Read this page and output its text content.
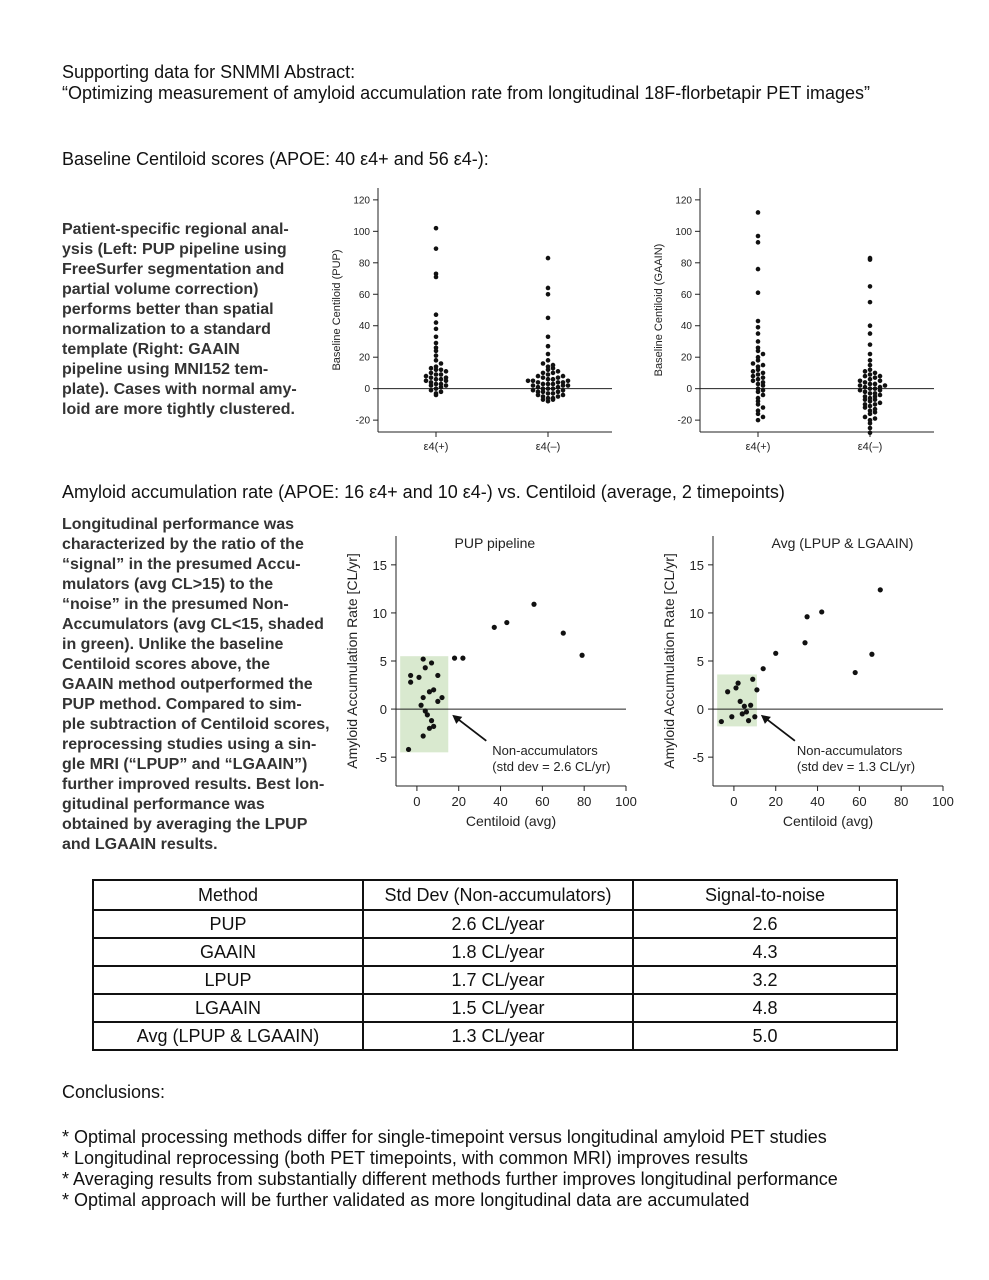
Supporting data for SNMMI Abstract:
“Optimizing measurement of amyloid accumulation rate from longitudinal 18F-florbetapir PET images”
Baseline Centiloid scores (APOE: 40 ε4+ and 56 ε4-):
Patient-specific regional anal-
ysis (Left: PUP pipeline using
FreeSurfer segmentation and
partial volume correction)
performs better than spatial
normalization to a standard
template (Right: GAAIN
pipeline using MNI152 tem-
plate). Cases with normal amy-
loid are more tightly clustered.
-20
0
20
40
60
80
100
120
Baseline Centiloid (PUP)
ε4(+)	ε4(–)
-20
0
20
40
60
80
100
120
Baseline Centiloid (GAAIN)
ε4(+)	ε4(–)
Amyloid accumulation rate (APOE: 16 ε4+ and 10 ε4-) vs. Centiloid (average, 2 timepoints)
Longitudinal performance was
characterized by the ratio of the
“signal” in the presumed Accu-
mulators (avg CL>15) to the
“noise” in the presumed Non-
Accumulators (avg CL<15, shaded
in green). Unlike the baseline
Centiloid scores above, the
GAAIN method outperformed the
PUP method. Compared to sim-
ple subtraction of Centiloid scores,
reprocessing studies using a sin-
gle MRI (“LPUP” and “LGAAIN”)
further improved results. Best lon-
gitudinal performance was
obtained by averaging the LPUP
and LGAAIN results.
-5
0
5
10
15
0 20 40 60 80 100
Centiloid (avg)
Amyloid Accumulation Rate [CL/yr]
PUP pipeline
Non-accumulators
(std dev = 2.6 CL/yr)
-5
0
5
10
15
0 20 40 60 80 100
Centiloid (avg)
Amyloid Accumulation Rate [CL/yr]
Avg (LPUP & LGAAIN)
Non-accumulators
(std dev = 1.3 CL/yr)
Method	Std Dev (Non-accumulators)	Signal-to-noise
PUP	2.6 CL/year	2.6
GAAIN	1.8 CL/year	4.3
LPUP	1.7 CL/year	3.2
LGAAIN	1.5 CL/year	4.8
Avg (LPUP & LGAAIN)	1.3 CL/year	5.0
Conclusions:
* Optimal processing methods differ for single-timepoint versus longitudinal amyloid PET studies
* Longitudinal reprocessing (both PET timepoints, with common MRI) improves results
* Averaging results from substantially different methods further improves longitudinal performance
* Optimal approach will be further validated as more longitudinal data are accumulated
